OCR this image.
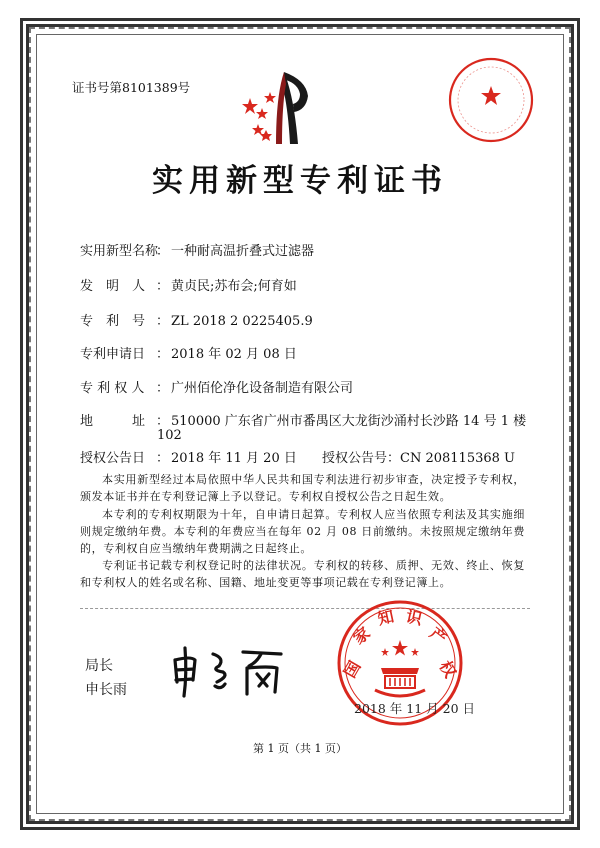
证书号第8101389号
实用新型专利证书
实用新型名称： 一种耐高温折叠式过滤器
发　明　人 ： 黄贞民;苏布会;何育如
专　利　号 ： ZL 2018 2 0225405.9
专利申请日 ： 2018 年 02 月 08 日
专 利 权 人 ： 广州佰伦净化设备制造有限公司
地　　　址 ： 510000 广东省广州市番禺区大龙街沙涌村长沙路 14 号 1 楼
102
授权公告日 ： 2018 年 11 月 20 日 授权公告号：CN 208115368 U
本实用新型经过本局依照中华人民共和国专利法进行初步审查，决定授予专利权，颁发本证书并在专利登记簿上予以登记。专利权自授权公告之日起生效。
本专利的专利权期限为十年，自申请日起算。专利权人应当依照专利法及其实施细则规定缴纳年费。本专利的年费应当在每年 02 月 08 日前缴纳。未按照规定缴纳年费的，专利权自应当缴纳年费期满之日起终止。
专利证书记载专利权登记时的法律状况。专利权的转移、质押、无效、终止、恢复和专利权人的姓名或名称、国籍、地址变更等事项记载在专利登记簿上。
局长
申长雨
国
家
知 识
产
权
2018 年 11 月 20 日
第 1 页（共 1 页）
